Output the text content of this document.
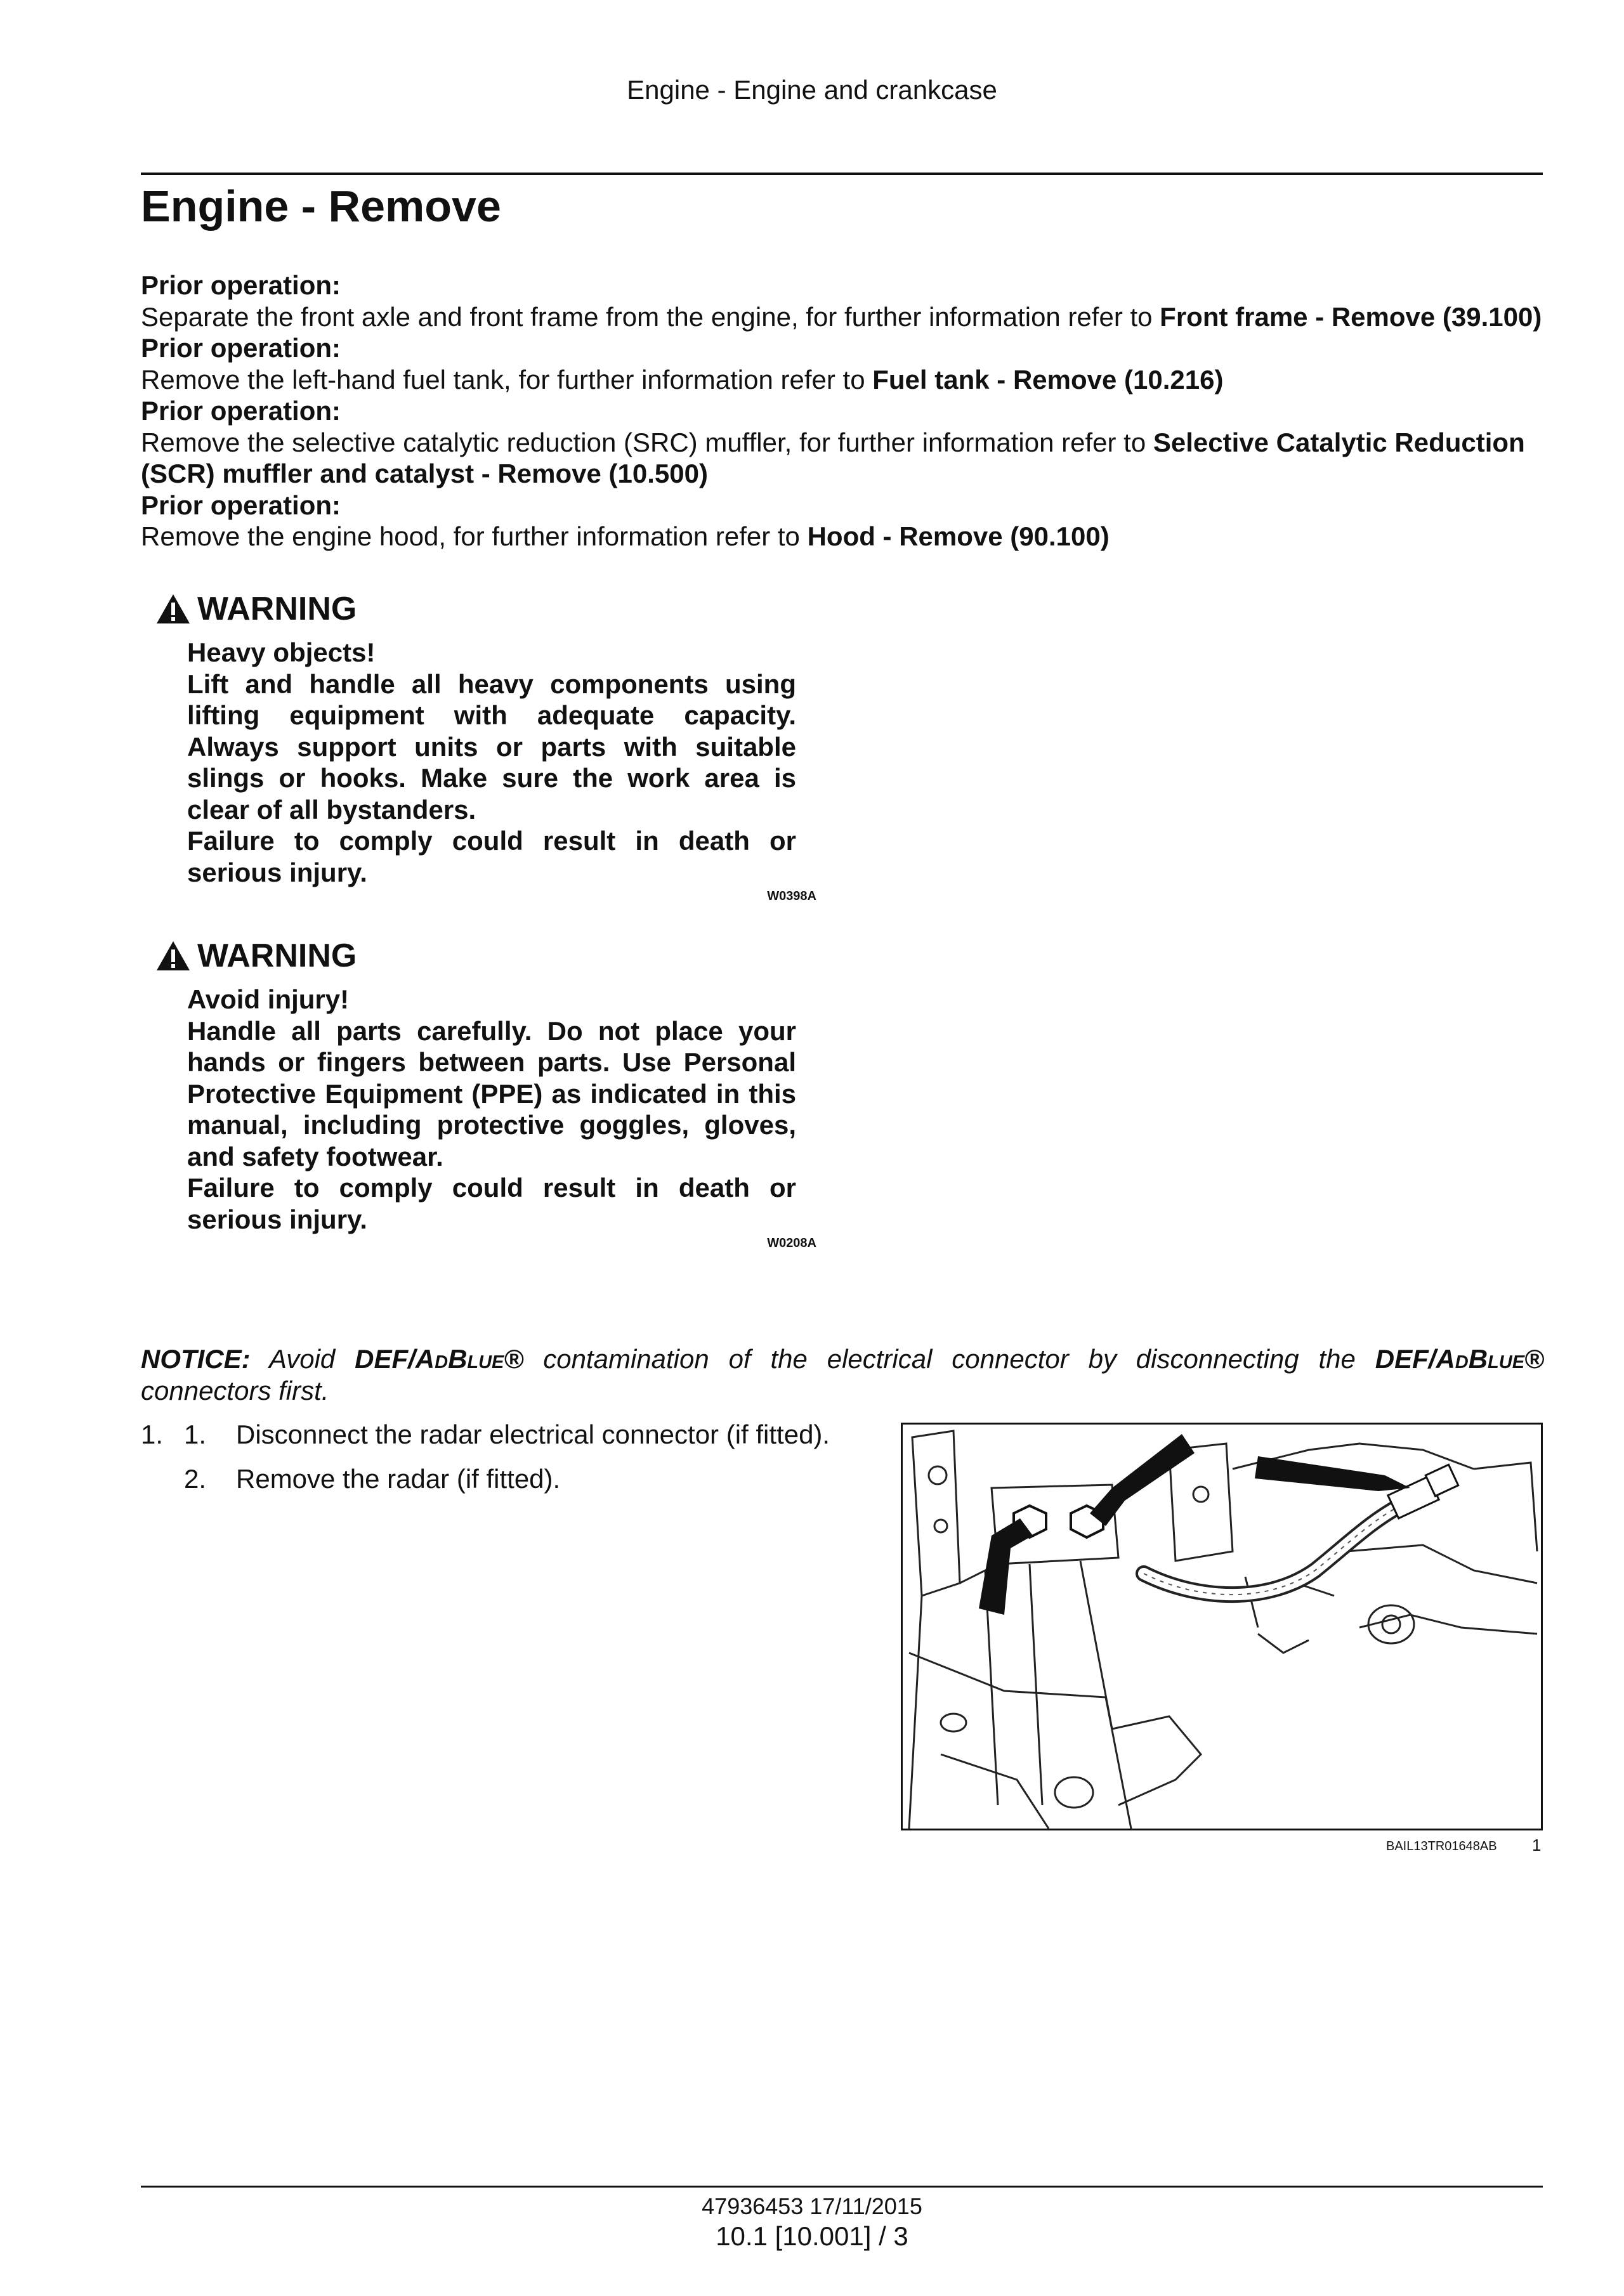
Engine - Engine and crankcase
Engine - Remove
Prior operation:
Separate the front axle and front frame from the engine, for further information refer to Front frame - Remove (39.100)
Prior operation:
Remove the left-hand fuel tank, for further information refer to Fuel tank - Remove (10.216)
Prior operation:
Remove the selective catalytic reduction (SRC) muffler, for further information refer to Selective Catalytic Reduction (SCR) muffler and catalyst - Remove (10.500)
Prior operation:
Remove the engine hood, for further information refer to Hood - Remove (90.100)
WARNING
Heavy objects!
Lift and handle all heavy components using lifting equipment with adequate capacity. Always support units or parts with suitable slings or hooks. Make sure the work area is clear of all bystanders.
Failure to comply could result in death or serious injury.
W0398A
WARNING
Avoid injury!
Handle all parts carefully. Do not place your hands or fingers between parts. Use Personal Protective Equipment (PPE) as indicated in this manual, including protective goggles, gloves, and safety footwear.
Failure to comply could result in death or serious injury.
W0208A
NOTICE: Avoid DEF/AdBlue® contamination of the electrical connector by disconnecting the DEF/AdBlue® connectors first.
1. 1. Disconnect the radar electrical connector (if fitted).
2. Remove the radar (if fitted).
BAIL13TR01648AB 1
47936453 17/11/2015
10.1 [10.001] / 3
